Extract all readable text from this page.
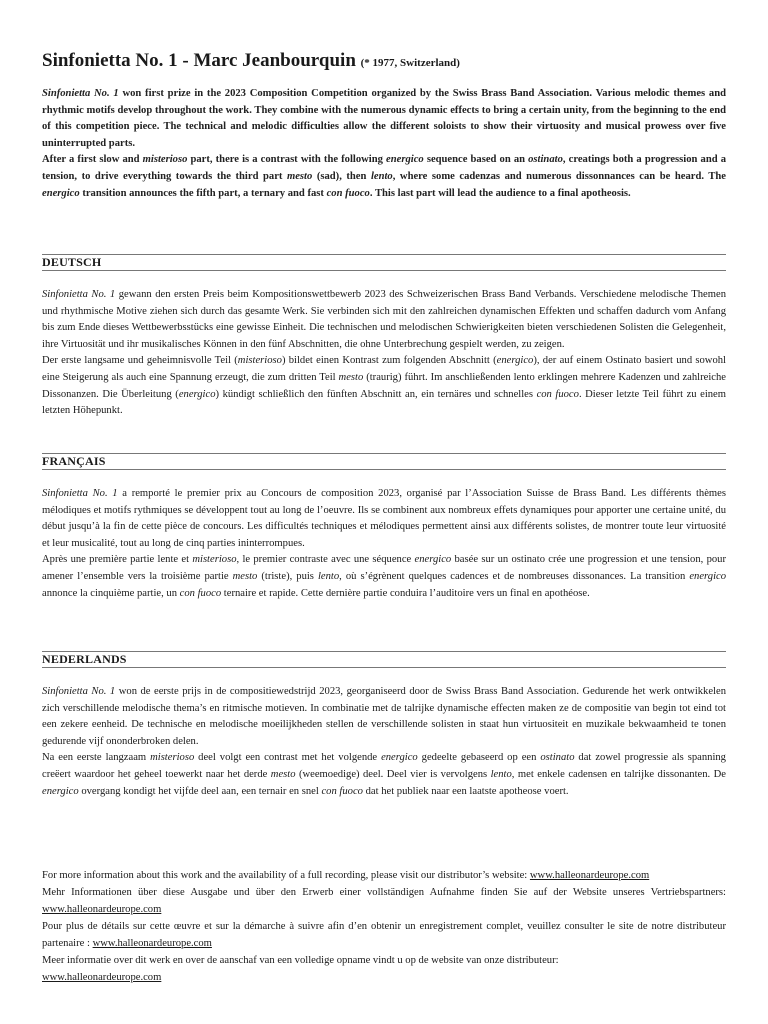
Sinfonietta No. 1 - Marc Jeanbourquin (* 1977, Switzerland)

Sinfonietta No. 1 won first prize in the 2023 Composition Competition organized by the Swiss Brass Band Association. Various melodic themes and rhythmic motifs develop throughout the work. They combine with the numerous dynamic effects to bring a certain unity, from the beginning to the end of this competition piece. The technical and melodic difficulties allow the different soloists to show their virtuosity and musical prowess over five uninterrupted parts.

After a first slow and misterioso part, there is a contrast with the following energico sequence based on an ostinato, creatings both a progression and a tension, to drive everything towards the third part mesto (sad), then lento, where some cadenzas and numerous dissonnances can be heard. The energico transition announces the fifth part, a ternary and fast con fuoco. This last part will lead the audience to a final apotheosis.

DEUTSCH

Sinfonietta No. 1 gewann den ersten Preis beim Kompositionswettbewerb 2023 des Schweizerischen Brass Band Verbands. Verschiedene melodische Themen und rhythmische Motive ziehen sich durch das gesamte Werk. Sie verbinden sich mit den zahlreichen dynamischen Effekten und schaffen dadurch vom Anfang bis zum Ende dieses Wettbewerbsstücks eine gewisse Einheit. Die technischen und melodischen Schwierigkeiten bieten verschiedenen Solisten die Gelegenheit, ihre Virtuosität und ihr musikalisches Können in den fünf Abschnitten, die ohne Unterbrechung gespielt werden, zu zeigen.

Der erste langsame und geheimnisvolle Teil (misterioso) bildet einen Kontrast zum folgenden Abschnitt (energico), der auf einem Ostinato basiert und sowohl eine Steigerung als auch eine Spannung erzeugt, die zum dritten Teil mesto (traurig) führt. Im anschließenden lento erklingen mehrere Kadenzen und zahlreiche Dissonanzen. Die Überleitung (energico) kündigt schließlich den fünften Abschnitt an, ein ternäres und schnelles con fuoco. Dieser letzte Teil führt zu einem letzten Höhepunkt.

FRANÇAIS

Sinfonietta No. 1 a remporté le premier prix au Concours de composition 2023, organisé par l’Association Suisse de Brass Band. Les différents thèmes mélodiques et motifs rythmiques se développent tout au long de l’oeuvre. Ils se combinent aux nombreux effets dynamiques pour apporter une certaine unité, du début jusqu’à la fin de cette pièce de concours. Les difficultés techniques et mélodiques permettent ainsi aux différents solistes, de montrer toute leur virtuosité et leur musicalité, tout au long de cinq parties ininterrompues.

Après une première partie lente et misterioso, le premier contraste avec une séquence energico basée sur un ostinato crée une progression et une tension, pour amener l’ensemble vers la troisième partie mesto (triste), puis lento, où s’égrènent quelques cadences et de nombreuses dissonances. La transition energico annonce la cinquième partie, un con fuoco ternaire et rapide. Cette dernière partie conduira l’auditoire vers un final en apothéose.

NEDERLANDS

Sinfonietta No. 1 won de eerste prijs in de compositiewedstrijd 2023, georganiseerd door de Swiss Brass Band Association. Gedurende het werk ontwikkelen zich verschillende melodische thema’s en ritmische motieven. In combinatie met de talrijke dynamische effecten maken ze de compositie van begin tot eind tot een zekere eenheid. De technische en melodische moeilijkheden stellen de verschillende solisten in staat hun virtuositeit en muzikale bekwaamheid te tonen gedurende vijf ononderbroken delen.

Na een eerste langzaam misterioso deel volgt een contrast met het volgende energico gedeelte gebaseerd op een ostinato dat zowel progressie als spanning creëert waardoor het geheel toewerkt naar het derde mesto (weemoedige) deel. Deel vier is vervolgens lento, met enkele cadensen en talrijke dissonanten. De energico overgang kondigt het vijfde deel aan, een ternair en snel con fuoco dat het publiek naar een laatste apotheose voert.

For more information about this work and the availability of a full recording, please visit our distributor’s website: www.halleonardeurope.com

Mehr Informationen über diese Ausgabe und über den Erwerb einer vollständigen Aufnahme finden Sie auf der Website unseres Vertriebspartners: www.halleonardeurope.com

Pour plus de détails sur cette œuvre et sur la démarche à suivre afin d’en obtenir un enregistrement complet, veuillez consulter le site de notre distributeur partenaire : www.halleonardeurope.com

Meer informatie over dit werk en over de aanschaf van een volledige opname vindt u op de website van onze distributeur:
www.halleonardeurope.com
